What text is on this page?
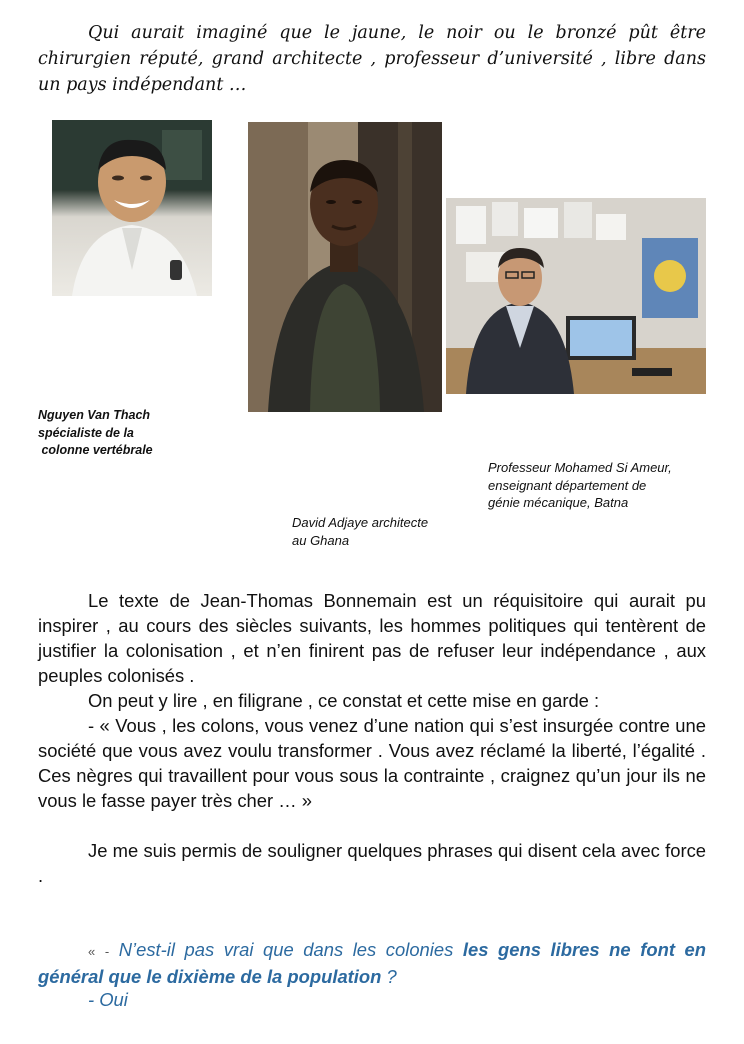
Qui aurait imaginé que le jaune, le noir ou le bronzé pût être chirurgien réputé, grand architecte , professeur d’université , libre dans un pays indépendant …

Nguyen Van Thach
spécialiste de la
colonne vertébrale

David Adjaye architecte
au Ghana

Professeur Mohamed Si Ameur,
enseignant département de
génie mécanique, Batna

Le texte de Jean-Thomas Bonnemain est un réquisitoire qui aurait pu inspirer , au cours des siècles suivants, les hommes politiques qui tentèrent de justifier la colonisation , et n’en finirent pas de refuser leur indépendance , aux peuples colonisés .

On peut y lire , en filigrane , ce constat et cette mise en garde :

- « Vous , les colons, vous venez d’une nation qui s’est insurgée contre une société que vous avez voulu transformer . Vous avez réclamé la liberté, l’égalité . Ces nègres qui travaillent pour vous sous la contrainte , craignez qu’un jour ils ne vous le fasse payer très cher … »

Je me suis permis de souligner quelques phrases qui disent cela avec force .

« - N’est-il pas vrai que dans les colonies les gens libres ne font en général que le dixième de la population ?

- Oui
